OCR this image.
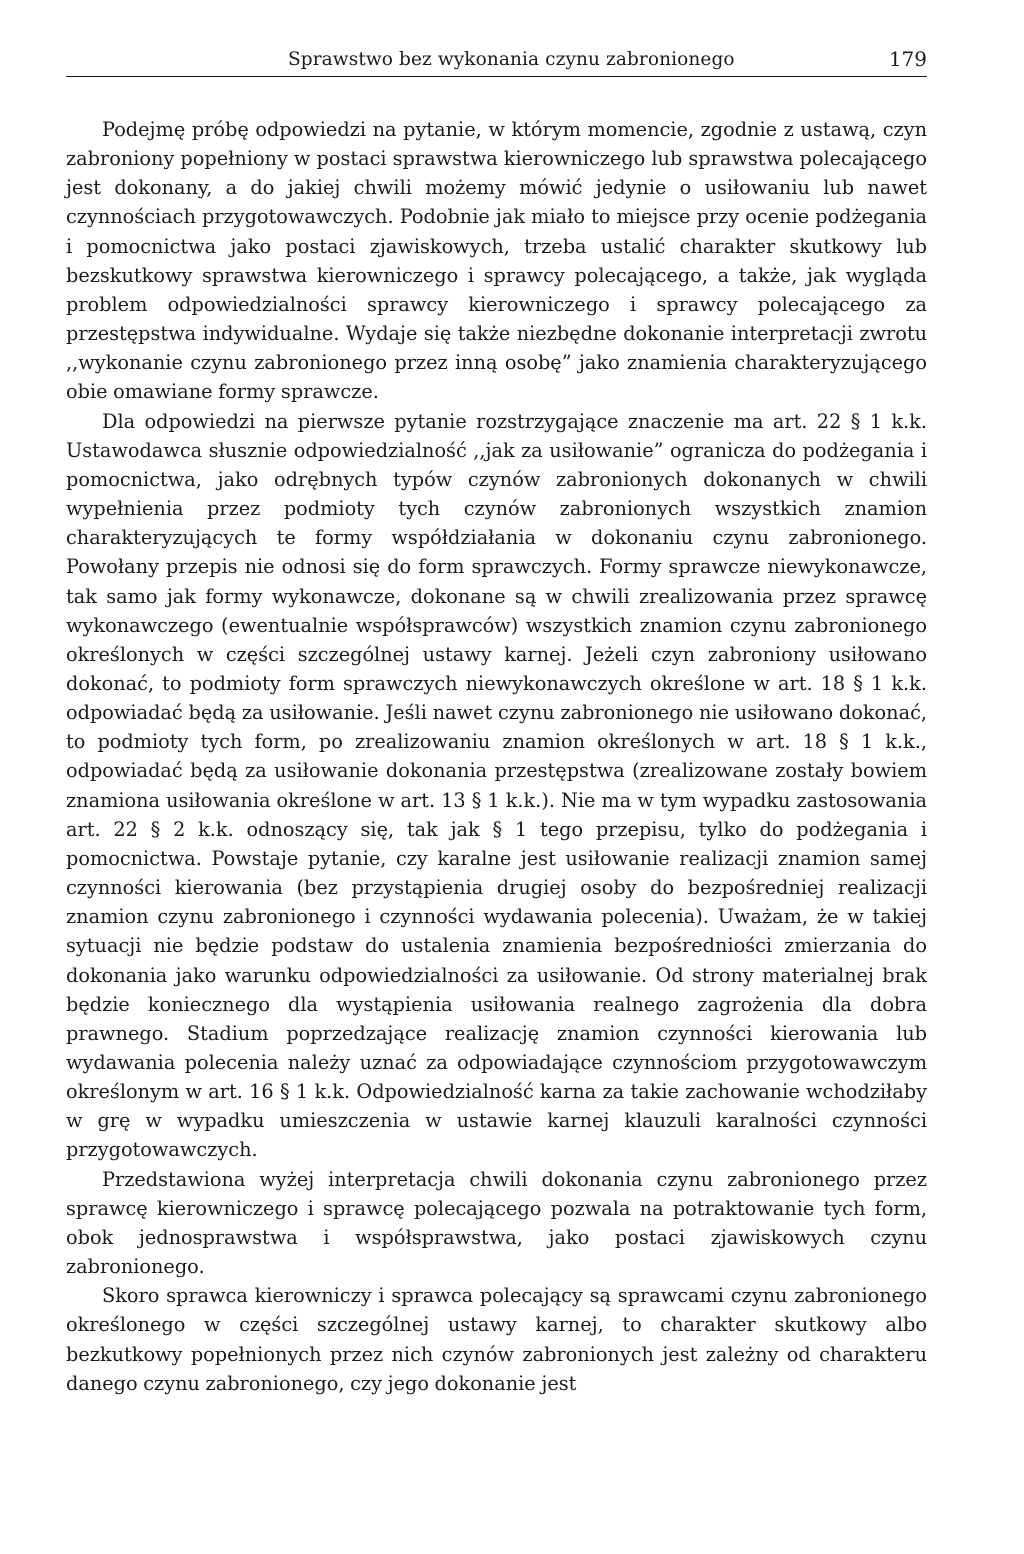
Sprawstwo bez wykonania czynu zabronionego	179

Podejmę próbę odpowiedzi na pytanie, w którym momencie, zgodnie z ustawą, czyn zabroniony popełniony w postaci sprawstwa kierowniczego lub sprawstwa polecającego jest dokonany, a do jakiej chwili możemy mówić jedynie o usiłowaniu lub nawet czynnościach przygotowawczych. Podobnie jak miało to miejsce przy ocenie podżegania i pomocnictwa jako postaci zjawiskowych, trzeba ustalić charakter skutkowy lub bezskutkowy sprawstwa kierowniczego i sprawcy polecającego, a także, jak wygląda problem odpowiedzialności sprawcy kierowniczego i sprawcy polecającego za przestępstwa indywidualne. Wydaje się także niezbędne dokonanie interpretacji zwrotu ,,wykonanie czynu zabronionego przez inną osobę” jako znamienia charakteryzującego obie omawiane formy sprawcze.

Dla odpowiedzi na pierwsze pytanie rozstrzygające znaczenie ma art. 22 § 1 k.k. Ustawodawca słusznie odpowiedzialność ,,jak za usiłowanie” ogranicza do podżegania i pomocnictwa, jako odrębnych typów czynów zabronionych dokonanych w chwili wypełnienia przez podmioty tych czynów zabronionych wszystkich znamion charakteryzujących te formy współdziałania w dokonaniu czynu zabronionego. Powołany przepis nie odnosi się do form sprawczych. Formy sprawcze niewykonawcze, tak samo jak formy wykonawcze, dokonane są w chwili zrealizowania przez sprawcę wykonawczego (ewentualnie współsprawców) wszystkich znamion czynu zabronionego określonych w części szczególnej ustawy karnej. Jeżeli czyn zabroniony usiłowano dokonać, to podmioty form sprawczych niewykonawczych określone w art. 18 § 1 k.k. odpowiadać będą za usiłowanie. Jeśli nawet czynu zabronionego nie usiłowano dokonać, to podmioty tych form, po zrealizowaniu znamion określonych w art. 18 § 1 k.k., odpowiadać będą za usiłowanie dokonania przestępstwa (zrealizowane zostały bowiem znamiona usiłowania określone w art. 13 § 1 k.k.). Nie ma w tym wypadku zastosowania art. 22 § 2 k.k. odnoszący się, tak jak § 1 tego przepisu, tylko do podżegania i pomocnictwa. Powstaje pytanie, czy karalne jest usiłowanie realizacji znamion samej czynności kierowania (bez przystąpienia drugiej osoby do bezpośredniej realizacji znamion czynu zabronionego i czynności wydawania polecenia). Uważam, że w takiej sytuacji nie będzie podstaw do ustalenia znamienia bezpośredniości zmierzania do dokonania jako warunku odpowiedzialności za usiłowanie. Od strony materialnej brak będzie koniecznego dla wystąpienia usiłowania realnego zagrożenia dla dobra prawnego. Stadium poprzedzające realizację znamion czynności kierowania lub wydawania polecenia należy uznać za odpowiadające czynnościom przygotowawczym określonym w art. 16 § 1 k.k. Odpowiedzialność karna za takie zachowanie wchodziłaby w grę w wypadku umieszczenia w ustawie karnej klauzuli karalności czynności przygotowawczych.

Przedstawiona wyżej interpretacja chwili dokonania czynu zabronionego przez sprawcę kierowniczego i sprawcę polecającego pozwala na potraktowanie tych form, obok jednosprawstwa i współsprawstwa, jako postaci zjawiskowych czynu zabronionego.

Skoro sprawca kierowniczy i sprawca polecający są sprawcami czynu zabronionego określonego w części szczególnej ustawy karnej, to charakter skutkowy albo bezkutkowy popełnionych przez nich czynów zabronionych jest zależny od charakteru danego czynu zabronionego, czy jego dokonanie jest
